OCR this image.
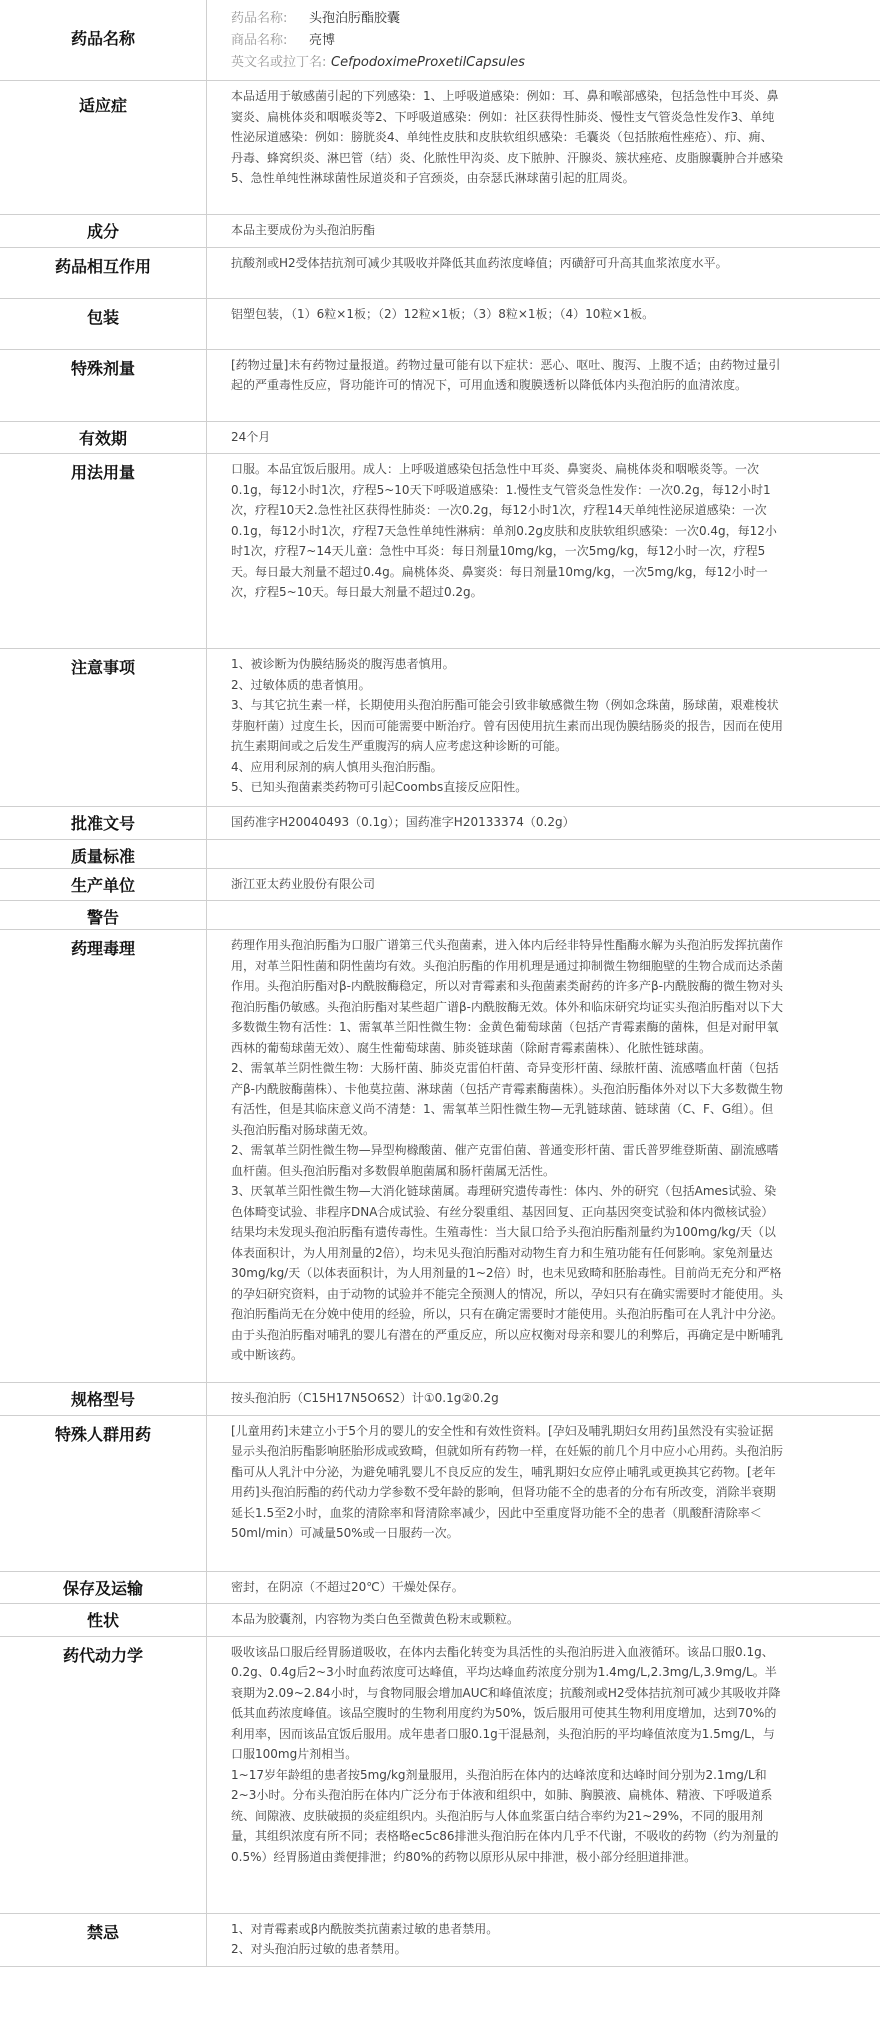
药品名称	药品名称: 头孢泊肟酯胶囊
商品名称: 亮博
英文名或拉丁名: CefpodoximeProxetilCapsules

适应症	本品适用于敏感菌引起的下列感染：1、上呼吸道感染：例如：耳、鼻和喉部感染，包括急性中耳炎、鼻窦炎、扁桃体炎和咽喉炎等2、下呼吸道感染：例如：社区获得性肺炎、慢性支气管炎急性发作3、单纯性泌尿道感染：例如：膀胱炎4、单纯性皮肤和皮肤软组织感染：毛囊炎（包括脓疱性痤疮）、疖、痈、丹毒、蜂窝织炎、淋巴管（结）炎、化脓性甲沟炎、皮下脓肿、汗腺炎、簇状痤疮、皮脂腺囊肿合并感染5、急性单纯性淋球菌性尿道炎和子宫颈炎，由奈瑟氏淋球菌引起的肛周炎。

成分	本品主要成份为头孢泊肟酯

药品相互作用	抗酸剂或H2受体拮抗剂可减少其吸收并降低其血药浓度峰值；丙磺舒可升高其血浆浓度水平。

包装	铝塑包装，（1）6粒×1板；（2）12粒×1板；（3）8粒×1板；（4）10粒×1板。

特殊剂量	[药物过量]未有药物过量报道。药物过量可能有以下症状：恶心、呕吐、腹泻、上腹不适；由药物过量引起的严重毒性反应，肾功能许可的情况下，可用血透和腹膜透析以降低体内头孢泊肟的血清浓度。

有效期	24个月

用法用量	口服。本品宜饭后服用。成人：上呼吸道感染包括急性中耳炎、鼻窦炎、扁桃体炎和咽喉炎等。一次0.1g，每12小时1次，疗程5~10天下呼吸道感染：1.慢性支气管炎急性发作：一次0.2g，每12小时1次，疗程10天2.急性社区获得性肺炎：一次0.2g，每12小时1次，疗程14天单纯性泌尿道感染：一次0.1g，每12小时1次，疗程7天急性单纯性淋病：单剂0.2g皮肤和皮肤软组织感染：一次0.4g，每12小时1次，疗程7~14天儿童：急性中耳炎：每日剂量10mg/kg，一次5mg/kg，每12小时一次，疗程5天。每日最大剂量不超过0.4g。扁桃体炎、鼻窦炎：每日剂量10mg/kg，一次5mg/kg，每12小时一次，疗程5~10天。每日最大剂量不超过0.2g。

注意事项	1、被诊断为伪膜结肠炎的腹泻患者慎用。

2、过敏体质的患者慎用。

3、与其它抗生素一样，长期使用头孢泊肟酯可能会引致非敏感微生物（例如念珠菌，肠球菌，艰难梭状芽胞杆菌）过度生长，因而可能需要中断治疗。曾有因使用抗生素而出现伪膜结肠炎的报告，因而在使用抗生素期间或之后发生严重腹泻的病人应考虑这种诊断的可能。

4、应用利尿剂的病人慎用头孢泊肟酯。

5、已知头孢菌素类药物可引起Coombs直接反应阳性。

批准文号	国药准字H20040493（0.1g）；国药准字H20133374（0.2g）

质量标准	

生产单位	浙江亚太药业股份有限公司

警告	

药理毒理	药理作用头孢泊肟酯为口服广谱第三代头孢菌素，进入体内后经非特异性酯酶水解为头孢泊肟发挥抗菌作用，对革兰阳性菌和阴性菌均有效。头孢泊肟酯的作用机理是通过抑制微生物细胞壁的生物合成而达杀菌作用。头孢泊肟酯对β-内酰胺酶稳定，所以对青霉素和头孢菌素类耐药的许多产β-内酰胺酶的微生物对头孢泊肟酯仍敏感。头孢泊肟酯对某些超广谱β-内酰胺酶无效。体外和临床研究均证实头孢泊肟酯对以下大多数微生物有活性：1、需氧革兰阳性微生物：金黄色葡萄球菌（包括产青霉素酶的菌株，但是对耐甲氧西林的葡萄球菌无效）、腐生性葡萄球菌、肺炎链球菌（除耐青霉素菌株）、化脓性链球菌。

2、需氧革兰阴性微生物：大肠杆菌、肺炎克雷伯杆菌、奇异变形杆菌、绿脓杆菌、流感嗜血杆菌（包括产β-内酰胺酶菌株）、卡他莫拉菌、淋球菌（包括产青霉素酶菌株）。头孢泊肟酯体外对以下大多数微生物有活性，但是其临床意义尚不清楚：1、需氧革兰阳性微生物—无乳链球菌、链球菌（C、F、G组）。但头孢泊肟酯对肠球菌无效。

2、需氧革兰阴性微生物—异型枸橼酸菌、催产克雷伯菌、普通变形杆菌、雷氏普罗维登斯菌、副流感嗜血杆菌。但头孢泊肟酯对多数假单胞菌属和肠杆菌属无活性。

3、厌氧革兰阳性微生物—大消化链球菌属。毒理研究遗传毒性：体内、外的研究（包括Ames试验、染色体畸变试验、非程序DNA合成试验、有丝分裂重组、基因回复、正向基因突变试验和体内微核试验）结果均未发现头孢泊肟酯有遗传毒性。生殖毒性：当大鼠口给予头孢泊肟酯剂量约为100mg/kg/天（以体表面积计，为人用剂量的2倍），均未见头孢泊肟酯对动物生育力和生殖功能有任何影响。家兔剂量达30mg/kg/天（以体表面积计，为人用剂量的1~2倍）时，也未见致畸和胚胎毒性。目前尚无充分和严格的孕妇研究资料，由于动物的试验并不能完全预测人的情况，所以，孕妇只有在确实需要时才能使用。头孢泊肟酯尚无在分娩中使用的经验，所以，只有在确定需要时才能使用。头孢泊肟酯可在人乳汁中分泌。由于头孢泊肟酯对哺乳的婴儿有潜在的严重反应，所以应权衡对母亲和婴儿的利弊后，再确定是中断哺乳或中断该药。

规格型号	按头孢泊肟（C15H17N5O6S2）计①0.1g②0.2g

特殊人群用药	[儿童用药]未建立小于5个月的婴儿的安全性和有效性资料。[孕妇及哺乳期妇女用药]虽然没有实验证据显示头孢泊肟酯影响胚胎形成或致畸，但就如所有药物一样，在妊娠的前几个月中应小心用药。头孢泊肟酯可从人乳汁中分泌，为避免哺乳婴儿不良反应的发生，哺乳期妇女应停止哺乳或更换其它药物。[老年用药]头孢泊肟酯的药代动力学参数不受年龄的影响，但肾功能不全的患者的分布有所改变，消除半衰期延长1.5至2小时，血浆的清除率和肾清除率减少，因此中至重度肾功能不全的患者（肌酸酐清除率＜50ml/min）可减量50%或一日服药一次。

保存及运输	密封，在阴凉（不超过20℃）干燥处保存。

性状	本品为胶囊剂，内容物为类白色至微黄色粉末或颗粒。

药代动力学	吸收该品口服后经胃肠道吸收，在体内去酯化转变为具活性的头孢泊肟进入血液循环。该品口服0.1g、0.2g、0.4g后2~3小时血药浓度可达峰值，平均达峰血药浓度分别为1.4mg/L,2.3mg/L,3.9mg/L。半衰期为2.09~2.84小时，与食物同服会增加AUC和峰值浓度；抗酸剂或H2受体拮抗剂可减少其吸收并降低其血药浓度峰值。该品空腹时的生物利用度约为50%，饭后服用可使其生物利用度增加，达到70%的利用率，因而该品宜饭后服用。成年患者口服0.1g干混悬剂，头孢泊肟的平均峰值浓度为1.5mg/L，与口服100mg片剂相当。

1~17岁年龄组的患者按5mg/kg剂量服用，头孢泊肟在体内的达峰浓度和达峰时间分别为2.1mg/L和2~3小时。分布头孢泊肟在体内广泛分布于体液和组织中，如肺、胸膜液、扁桃体、精液、下呼吸道系统、间隙液、皮肤破损的炎症组织内。头孢泊肟与人体血浆蛋白结合率约为21~29%，不同的服用剂量，其组织浓度有所不同；表格略ec5c86排泄头孢泊肟在体内几乎不代谢，不吸收的药物（约为剂量的0.5%）经胃肠道由粪便排泄；约80%的药物以原形从尿中排泄，极小部分经胆道排泄。

禁忌	1、对青霉素或β内酰胺类抗菌素过敏的患者禁用。

2、对头孢泊肟过敏的患者禁用。
